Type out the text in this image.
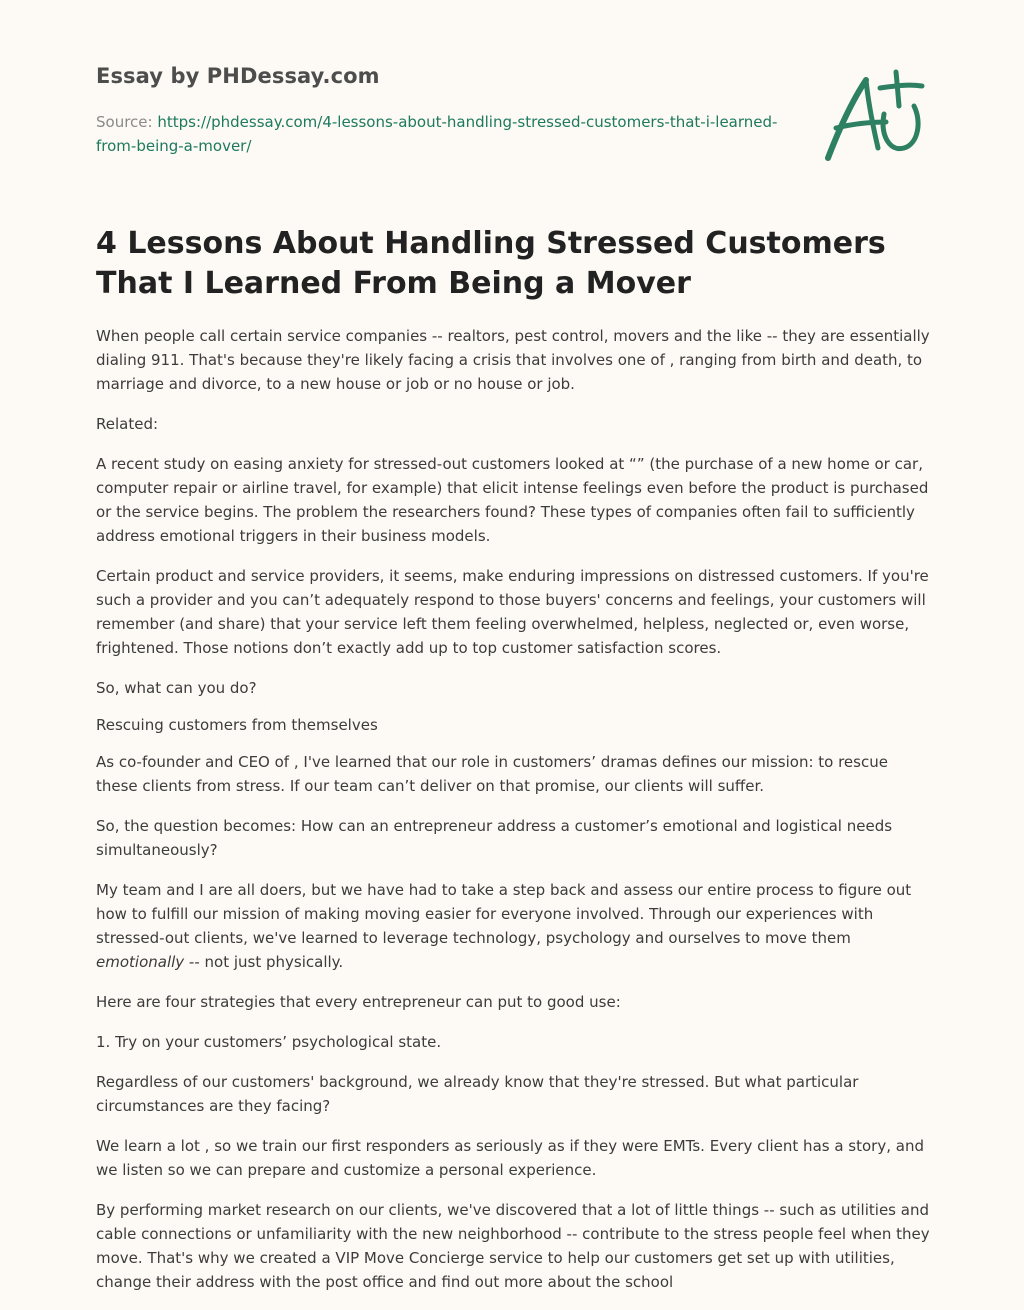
Essay by PHDessay.com
Source: https://phdessay.com/4-lessons-about-handling-stressed-customers-that-i-learned-from-being-a-mover/
4 Lessons About Handling Stressed Customers That I Learned From Being a Mover

When people call certain service companies -- realtors, pest control, movers and the like -- they are essentially dialing 911. That's because they're likely facing a crisis that involves one of , ranging from birth and death, to marriage and divorce, to a new house or job or no house or job.

Related:

A recent study on easing anxiety for stressed-out customers looked at “” (the purchase of a new home or car, computer repair or airline travel, for example) that elicit intense feelings even before the product is purchased or the service begins. The problem the researchers found? These types of companies often fail to sufficiently address emotional triggers in their business models.

Certain product and service providers, it seems, make enduring impressions on distressed customers. If you're such a provider and you can’t adequately respond to those buyers' concerns and feelings, your customers will remember (and share) that your service left them feeling overwhelmed, helpless, neglected or, even worse, frightened. Those notions don’t exactly add up to top customer satisfaction scores.

So, what can you do?

Rescuing customers from themselves

As co-founder and CEO of , I've learned that our role in customers’ dramas defines our mission: to rescue these clients from stress. If our team can’t deliver on that promise, our clients will suffer.

So, the question becomes: How can an entrepreneur address a customer’s emotional and logistical needs simultaneously?

My team and I are all doers, but we have had to take a step back and assess our entire process to figure out how to fulfill our mission of making moving easier for everyone involved. Through our experiences with stressed-out clients, we've learned to leverage technology, psychology and ourselves to move them emotionally -- not just physically.

Here are four strategies that every entrepreneur can put to good use:

1. Try on your customers’ psychological state.

Regardless of our customers' background, we already know that they're stressed. But what particular circumstances are they facing?

We learn a lot , so we train our first responders as seriously as if they were EMTs. Every client has a story, and we listen so we can prepare and customize a personal experience.

By performing market research on our clients, we've discovered that a lot of little things -- such as utilities and cable connections or unfamiliarity with the new neighborhood -- contribute to the stress people feel when they move. That's why we created a VIP Move Concierge service to help our customers get set up with utilities, change their address with the post office and find out more about the school
